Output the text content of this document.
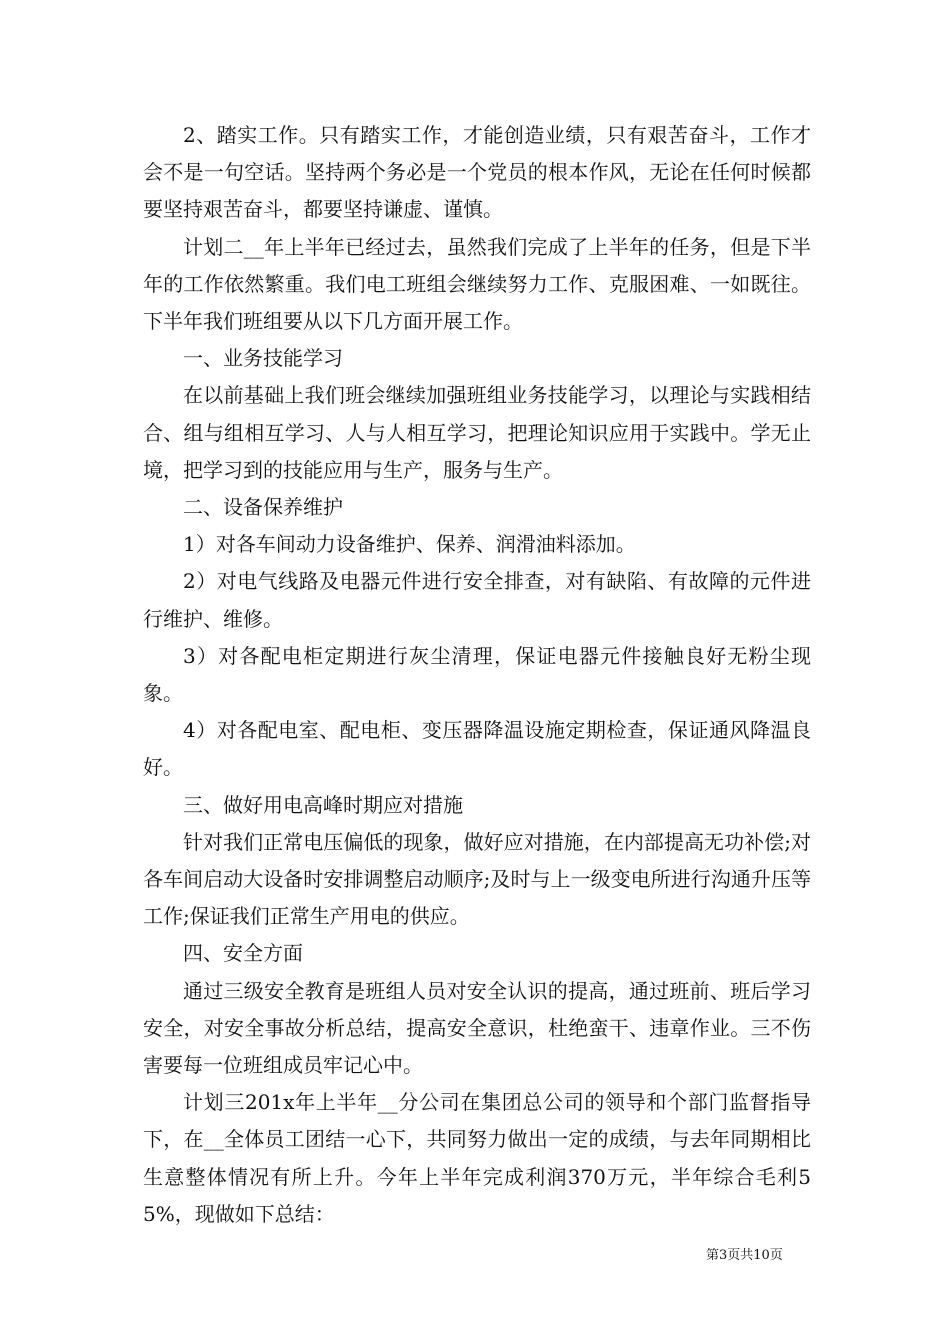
2、踏实工作。只有踏实工作，才能创造业绩，只有艰苦奋斗，工作才会不是一句空话。坚持两个务必是一个党员的根本作风，无论在任何时候都要坚持艰苦奋斗，都要坚持谦虚、谨慎。

计划二__年上半年已经过去，虽然我们完成了上半年的任务，但是下半年的工作依然繁重。我们电工班组会继续努力工作、克服困难、一如既往。下半年我们班组要从以下几方面开展工作。

一、业务技能学习

在以前基础上我们班会继续加强班组业务技能学习，以理论与实践相结合、组与组相互学习、人与人相互学习，把理论知识应用于实践中。学无止境，把学习到的技能应用与生产，服务与生产。

二、设备保养维护

1）对各车间动力设备维护、保养、润滑油料添加。

2）对电气线路及电器元件进行安全排查，对有缺陷、有故障的元件进行维护、维修。

3）对各配电柜定期进行灰尘清理，保证电器元件接触良好无粉尘现象。

4）对各配电室、配电柜、变压器降温设施定期检查，保证通风降温良好。

三、做好用电高峰时期应对措施

针对我们正常电压偏低的现象，做好应对措施，在内部提高无功补偿;对各车间启动大设备时安排调整启动顺序;及时与上一级变电所进行沟通升压等工作;保证我们正常生产用电的供应。

四、安全方面

通过三级安全教育是班组人员对安全认识的提高，通过班前、班后学习安全，对安全事故分析总结，提高安全意识，杜绝蛮干、违章作业。三不伤害要每一位班组成员牢记心中。

计划三201x年上半年__分公司在集团总公司的领导和个部门监督指导下，在__全体员工团结一心下，共同努力做出一定的成绩，与去年同期相比生意整体情况有所上升。今年上半年完成利润370万元，半年综合毛利55%，现做如下总结：

第3页共10页
